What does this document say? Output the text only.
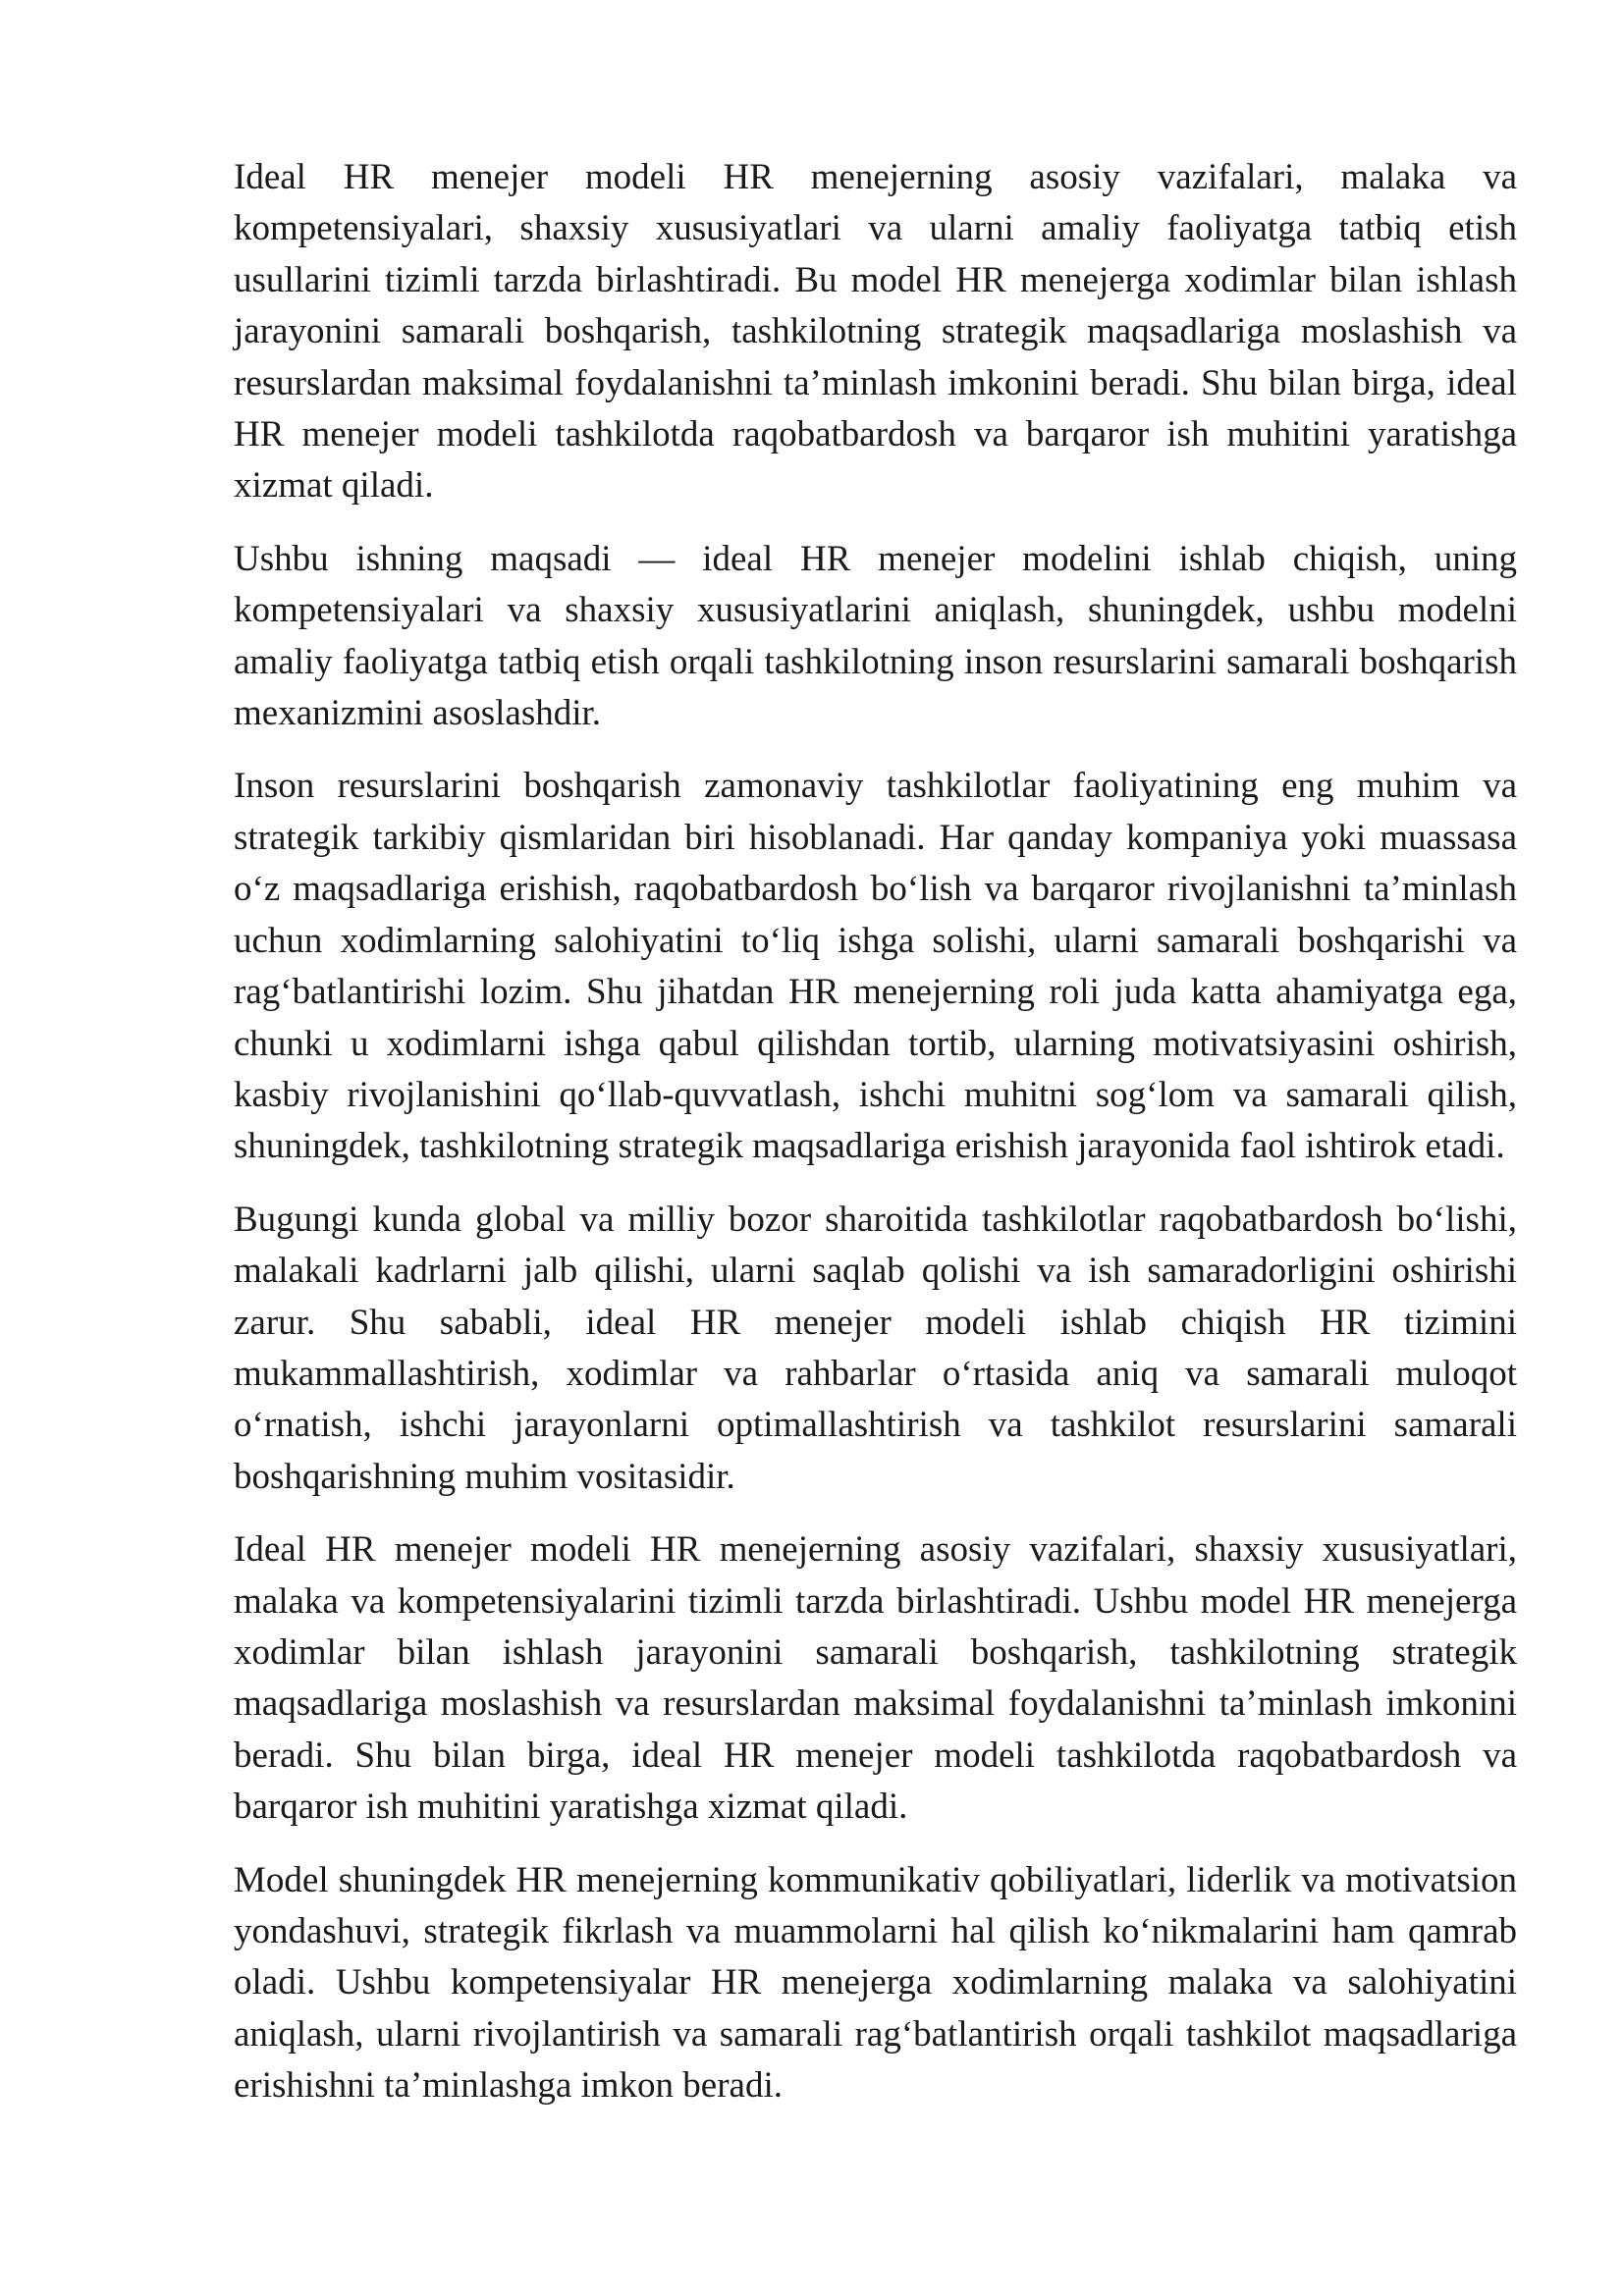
Ideal HR menejer modeli HR menejerning asosiy vazifalari, malaka va kompetensiyalari, shaxsiy xususiyatlari va ularni amaliy faoliyatga tatbiq etish usullarini tizimli tarzda birlashtiradi. Bu model HR menejerga xodimlar bilan ishlash jarayonini samarali boshqarish, tashkilotning strategik maqsadlariga moslashish va resurslardan maksimal foydalanishni ta’minlash imkonini beradi. Shu bilan birga, ideal HR menejer modeli tashkilotda raqobatbardosh va barqaror ish muhitini yaratishga xizmat qiladi.

Ushbu ishning maqsadi — ideal HR menejer modelini ishlab chiqish, uning kompetensiyalari va shaxsiy xususiyatlarini aniqlash, shuningdek, ushbu modelni amaliy faoliyatga tatbiq etish orqali tashkilotning inson resurslarini samarali boshqarish mexanizmini asoslashdir.

Inson resurslarini boshqarish zamonaviy tashkilotlar faoliyatining eng muhim va strategik tarkibiy qismlaridan biri hisoblanadi. Har qanday kompaniya yoki muassasa o‘z maqsadlariga erishish, raqobatbardosh bo‘lish va barqaror rivojlanishni ta’minlash uchun xodimlarning salohiyatini to‘liq ishga solishi, ularni samarali boshqarishi va rag‘batlantirishi lozim. Shu jihatdan HR menejerning roli juda katta ahamiyatga ega, chunki u xodimlarni ishga qabul qilishdan tortib, ularning motivatsiyasini oshirish, kasbiy rivojlanishini qo‘llab-quvvatlash, ishchi muhitni sog‘lom va samarali qilish, shuningdek, tashkilotning strategik maqsadlariga erishish jarayonida faol ishtirok etadi.

Bugungi kunda global va milliy bozor sharoitida tashkilotlar raqobatbardosh bo‘lishi, malakali kadrlarni jalb qilishi, ularni saqlab qolishi va ish samaradorligini oshirishi zarur. Shu sababli, ideal HR menejer modeli ishlab chiqish HR tizimini mukammallashtirish, xodimlar va rahbarlar o‘rtasida aniq va samarali muloqot o‘rnatish, ishchi jarayonlarni optimallashtirish va tashkilot resurslarini samarali boshqarishning muhim vositasidir.

Ideal HR menejer modeli HR menejerning asosiy vazifalari, shaxsiy xususiyatlari, malaka va kompetensiyalarini tizimli tarzda birlashtiradi. Ushbu model HR menejerga xodimlar bilan ishlash jarayonini samarali boshqarish, tashkilotning strategik maqsadlariga moslashish va resurslardan maksimal foydalanishni ta’minlash imkonini beradi. Shu bilan birga, ideal HR menejer modeli tashkilotda raqobatbardosh va barqaror ish muhitini yaratishga xizmat qiladi.

Model shuningdek HR menejerning kommunikativ qobiliyatlari, liderlik va motivatsion yondashuvi, strategik fikrlash va muammolarni hal qilish ko‘nikmalarini ham qamrab oladi. Ushbu kompetensiyalar HR menejerga xodimlarning malaka va salohiyatini aniqlash, ularni rivojlantirish va samarali rag‘batlantirish orqali tashkilot maqsadlariga erishishni ta’minlashga imkon beradi.
